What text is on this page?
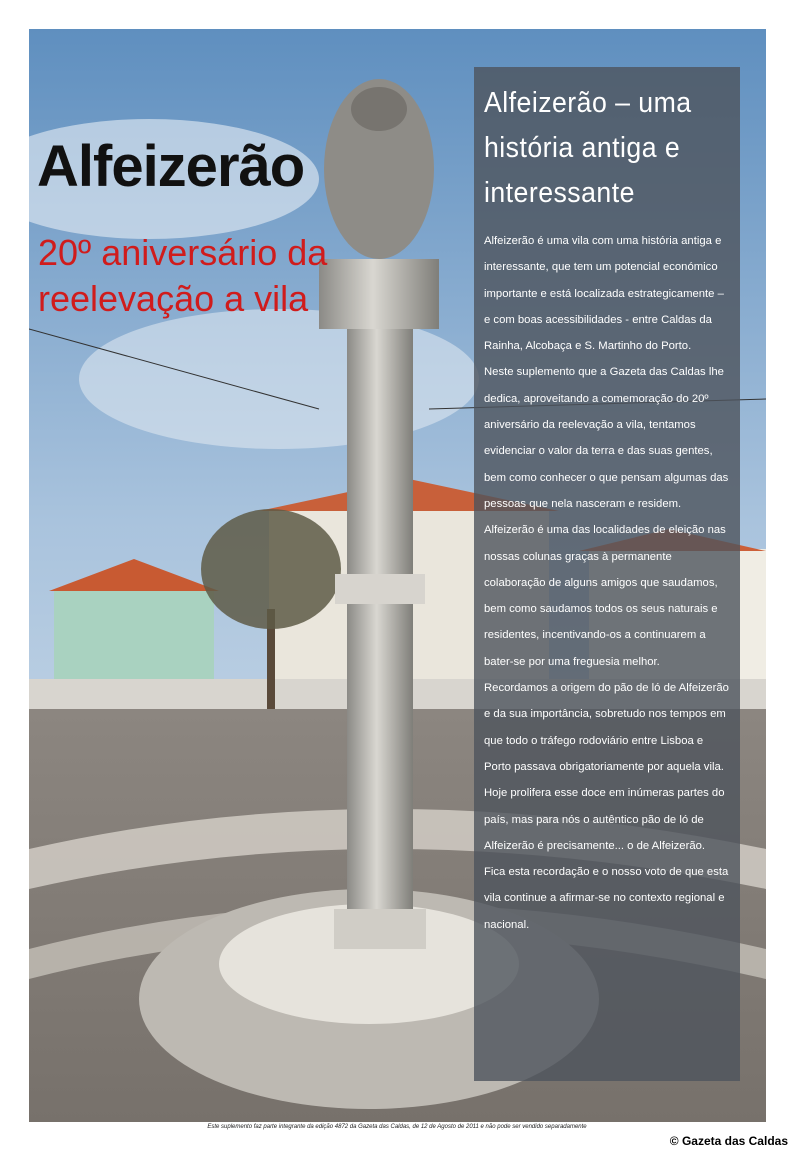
Alfeizerão
20º aniversário da reelevação a vila
Alfeizerão – uma história antiga e interessante

Alfeizerão é uma vila com uma história antiga e interessante, que tem um potencial económico importante e está localizada estrategicamente – e com boas acessibilidades - entre Caldas da Rainha, Alcobaça e S. Martinho do Porto.

Neste suplemento que a Gazeta das Caldas lhe dedica, aproveitando a comemoração do 20º aniversário da reelevação a vila, tentamos evidenciar o valor da terra e das suas gentes, bem como conhecer o que pensam algumas das pessoas que nela nasceram e residem.

Alfeizerão é uma das localidades de eleição nas nossas colunas graças à permanente colaboração de alguns amigos que saudamos, bem como saudamos todos os seus naturais e residentes, incentivando-os a continuarem a bater-se por uma freguesia melhor.

Recordamos a origem do pão de ló de Alfeizerão e da sua importância, sobretudo nos tempos em que todo o tráfego rodoviário entre Lisboa e Porto passava obrigatoriamente por aquela vila. Hoje prolifera esse doce em inúmeras partes do país, mas para nós o autêntico pão de ló de Alfeizerão é precisamente... o de Alfeizerão.

Fica esta recordação e o nosso voto de que esta vila continue a afirmar-se no contexto regional e nacional.

Este suplemento faz parte integrante da edição 4872 da Gazeta das Caldas, de 12 de Agosto de 2011 e não pode ser vendido separadamente
© Gazeta das Caldas
